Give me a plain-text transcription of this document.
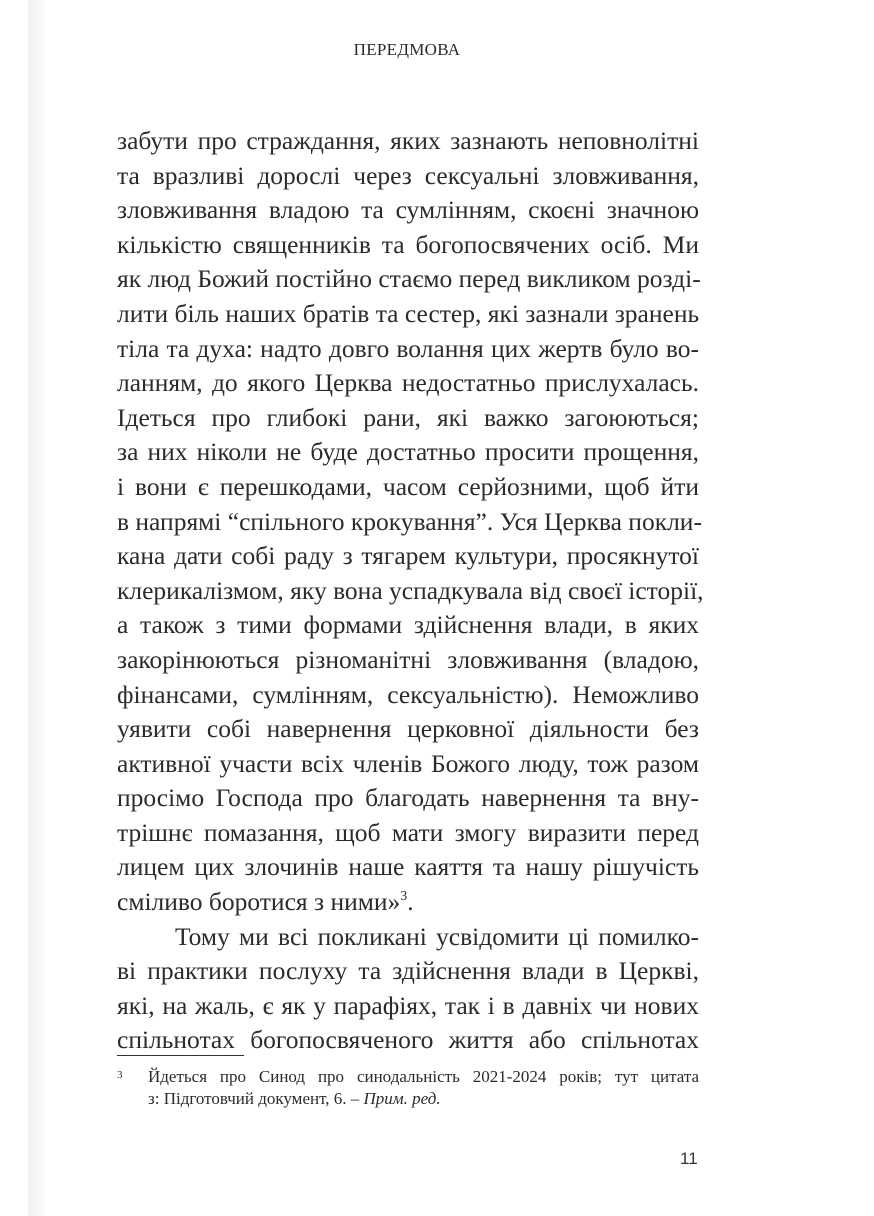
ПЕРЕДМОВА
забути про страждання, яких зазнають неповнолітні
та вразливі дорослі через сексуальні зловживання,
зловживання владою та сумлінням, скоєні значною
кількістю священників та богопосвячених осіб. Ми
як люд Божий постійно стаємо перед викликом розді-
лити біль наших братів та сестер, які зазнали зранень
тіла та духа: надто довго волання цих жертв було во-
ланням, до якого Церква недостатньо прислухалась.
Ідеться про глибокі рани, які важко загоюються;
за них ніколи не буде достатньо просити прощення,
і вони є перешкодами, часом серйозними, щоб йти
в напрямі “спільного крокування”. Уся Церква покли-
кана дати собі раду з тягарем культури, просякнутої
клерикалізмом, яку вона успадкувала від своєї історії,
а також з тими формами здійснення влади, в яких
закорінюються різноманітні зловживання (владою,
фінансами, сумлінням, сексуальністю). Неможливо
уявити собі навернення церковної діяльности без
активної участи всіх членів Божого люду, тож разом
просімо Господа про благодать навернення та вну-
трішнє помазання, щоб мати змогу виразити перед
лицем цих злочинів наше каяття та нашу рішучість
сміливо боротися з ними»$^3$.
Тому ми всі покликані усвідомити ці помилко-
ві практики послуху та здійснення влади в Церкві,
які, на жаль, є як у парафіях, так і в давніх чи нових
спільнотах богопосвяченого життя або спільнотах
3 Йдеться про Синод про синодальність 2021-2024 років; тут цитата
з: Підготовчий документ, 6. – Прим. ред.
11
